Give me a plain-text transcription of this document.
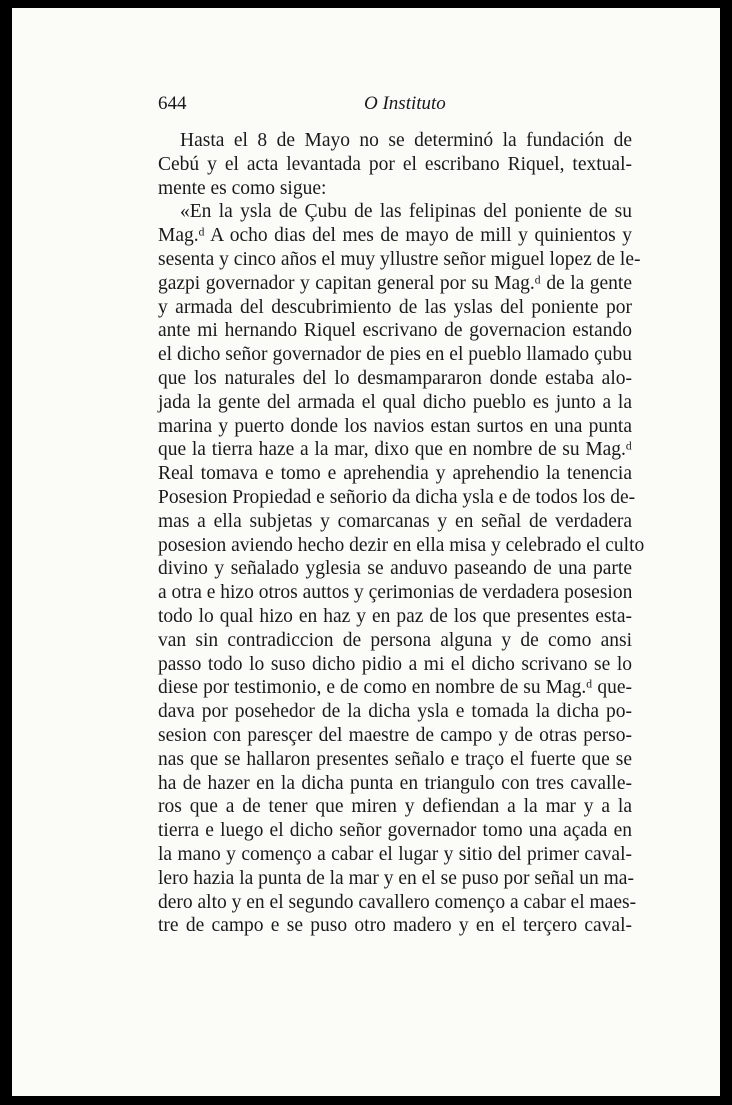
644	O Instituto
Hasta el 8 de Mayo no se determinó la fundación de
Cebú y el acta levantada por el escribano Riquel, textual-
mente es como sigue:
«En la ysla de Çubu de las felipinas del poniente de su
Mag.ᵈ A ocho dias del mes de mayo de mill y quinientos y
sesenta y cinco años el muy yllustre señor miguel lopez de le-
gazpi governador y capitan general por su Mag.ᵈ de la gente
y armada del descubrimiento de las yslas del poniente por
ante mi hernando Riquel escrivano de governacion estando
el dicho señor governador de pies en el pueblo llamado çubu
que los naturales del lo desmampararon donde estaba alo-
jada la gente del armada el qual dicho pueblo es junto a la
marina y puerto donde los navios estan surtos en una punta
que la tierra haze a la mar, dixo que en nombre de su Mag.ᵈ
Real tomava e tomo e aprehendia y aprehendio la tenencia
Posesion Propiedad e señorio da dicha ysla e de todos los de-
mas a ella subjetas y comarcanas y en señal de verdadera
posesion aviendo hecho dezir en ella misa y celebrado el culto
divino y señalado yglesia se anduvo paseando de una parte
a otra e hizo otros auttos y çerimonias de verdadera posesion
todo lo qual hizo en haz y en paz de los que presentes esta-
van sin contradiccion de persona alguna y de como ansi
passo todo lo suso dicho pidio a mi el dicho scrivano se lo
diese por testimonio, e de como en nombre de su Mag.ᵈ que-
dava por posehedor de la dicha ysla e tomada la dicha po-
sesion con paresçer del maestre de campo y de otras perso-
nas que se hallaron presentes señalo e traço el fuerte que se
ha de hazer en la dicha punta en triangulo con tres cavalle-
ros que a de tener que miren y defiendan a la mar y a la
tierra e luego el dicho señor governador tomo una açada en
la mano y començo a cabar el lugar y sitio del primer caval-
lero hazia la punta de la mar y en el se puso por señal un ma-
dero alto y en el segundo cavallero començo a cabar el maes-
tre de campo e se puso otro madero y en el terçero caval-
